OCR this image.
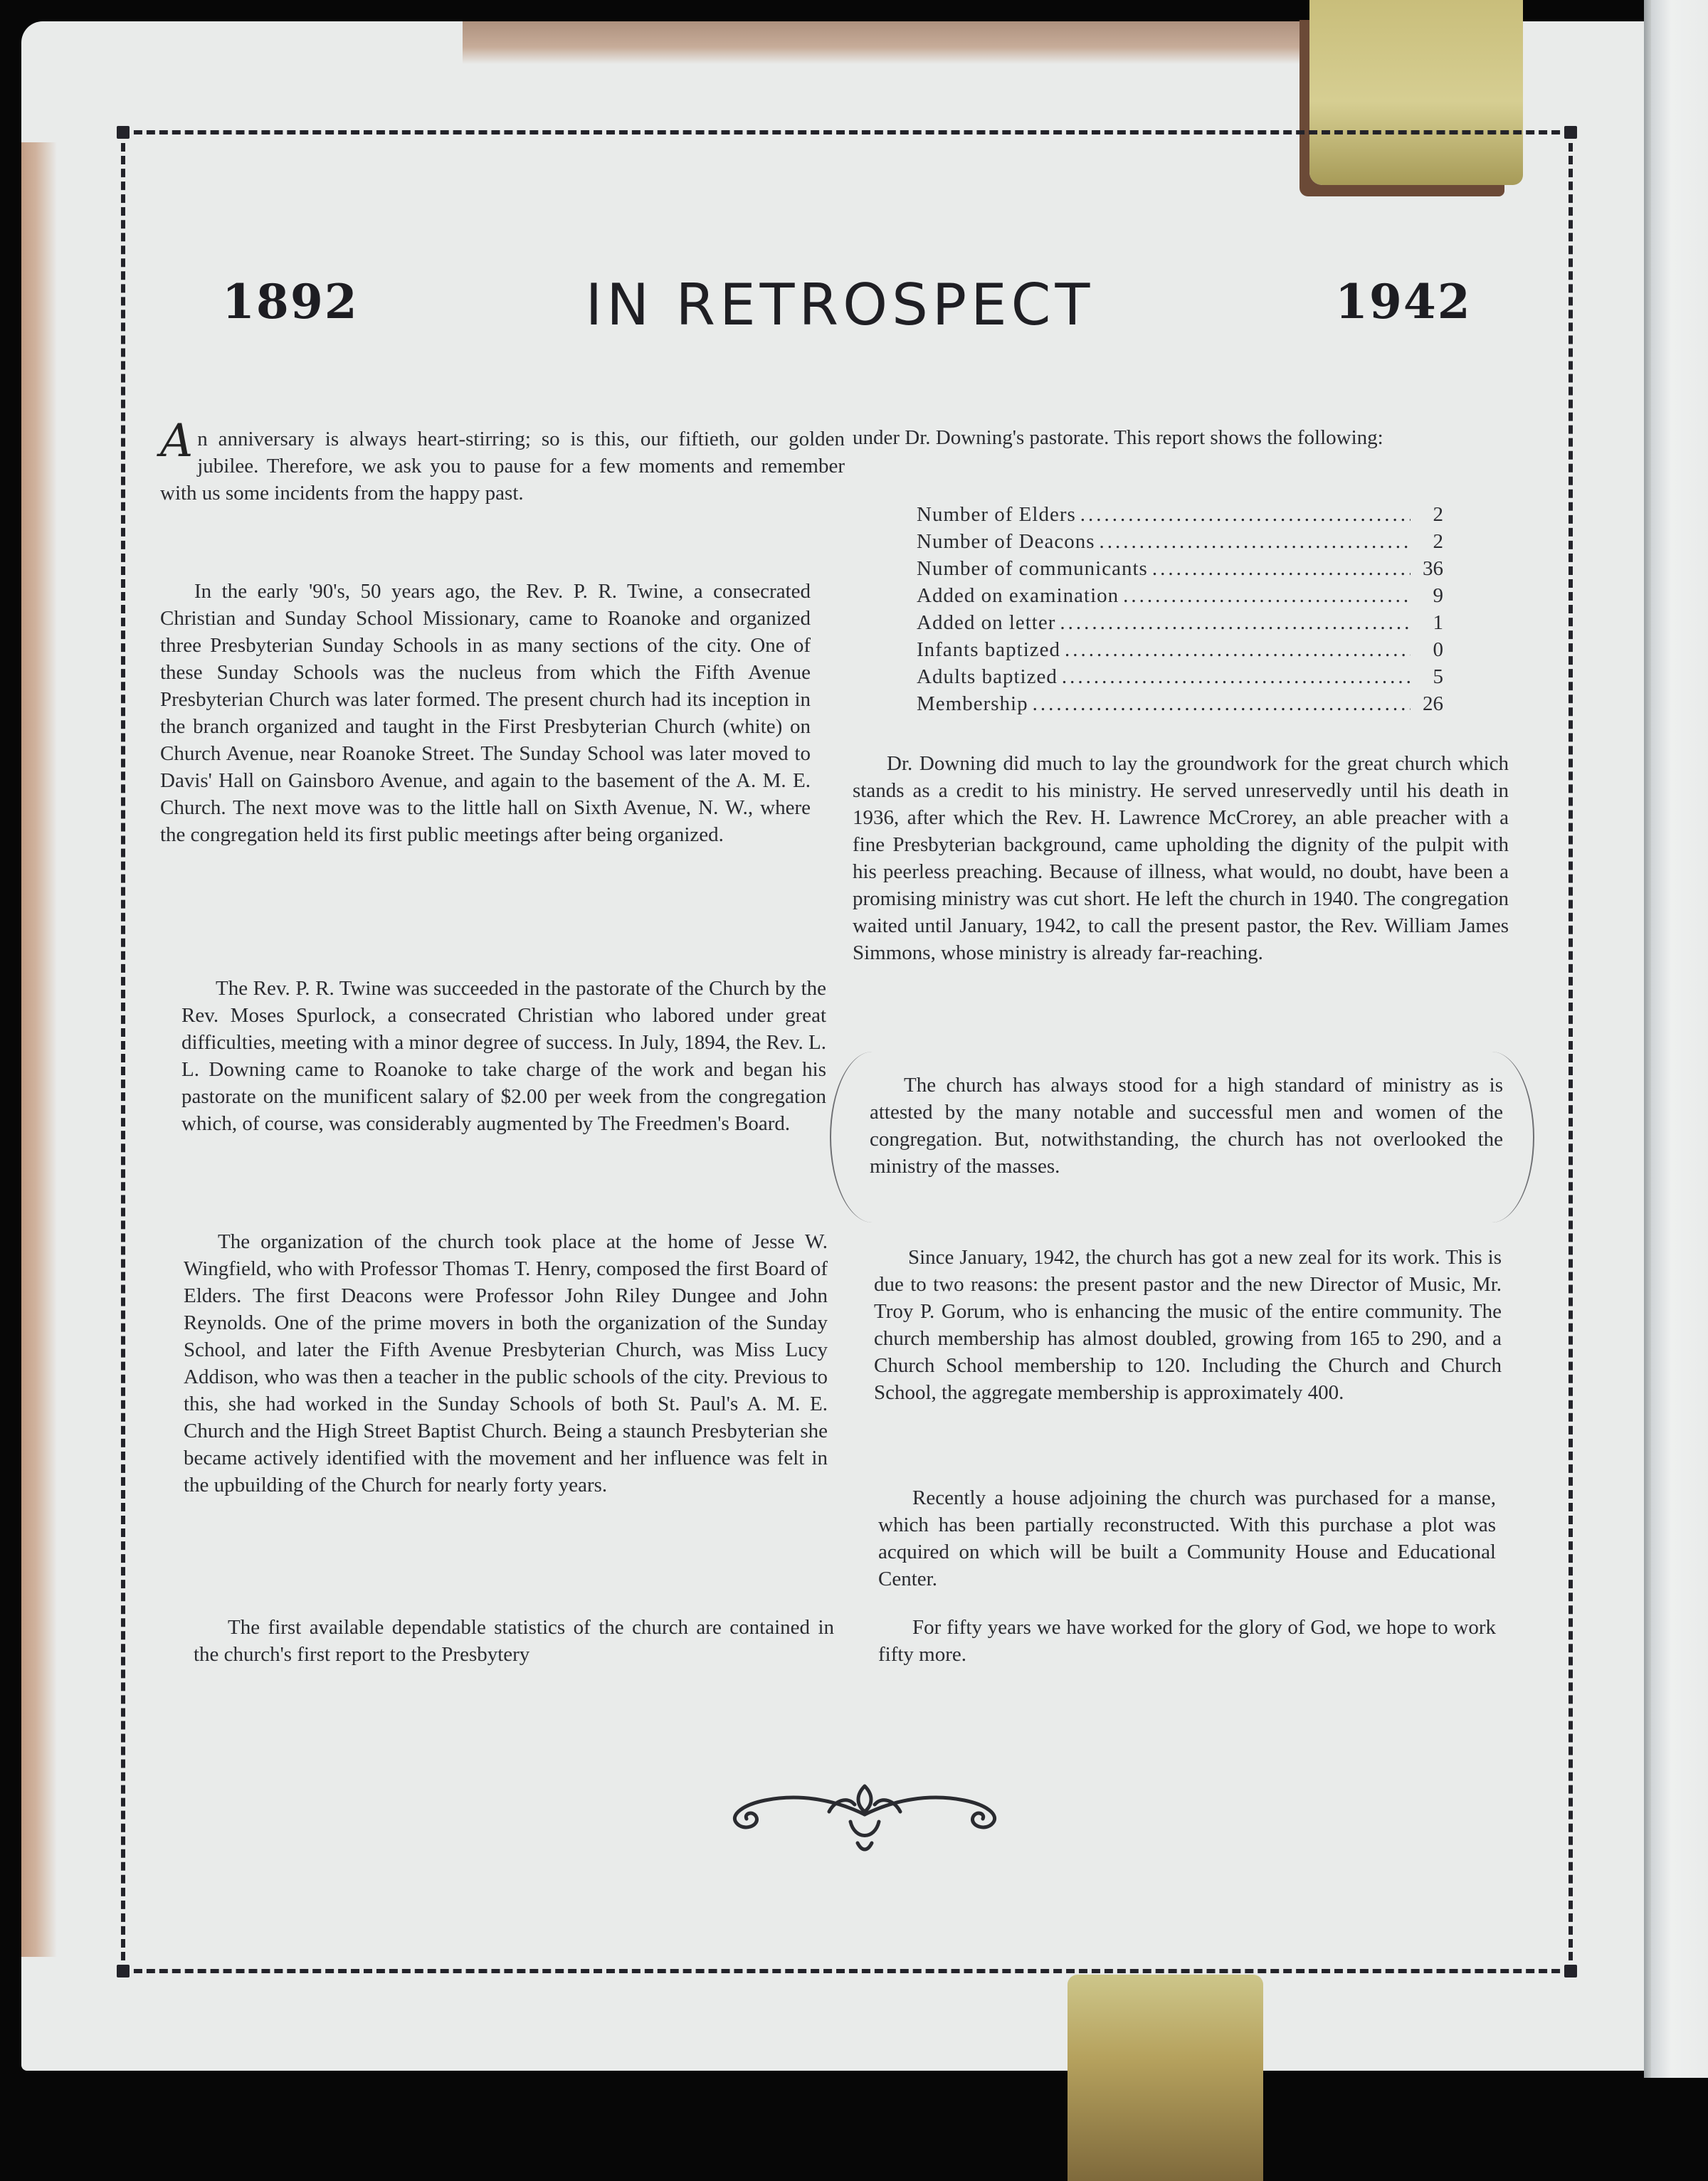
1892	IN RETROSPECT	1942

An anniversary is always heart-stirring; so is this, our fiftieth, our golden jubilee. Therefore, we ask you to pause for a few moments and remember with us some incidents from the happy past.

In the early '90's, 50 years ago, the Rev. P. R. Twine, a consecrated Christian and Sunday School Missionary, came to Roanoke and organized three Presbyterian Sunday Schools in as many sections of the city. One of these Sunday Schools was the nucleus from which the Fifth Avenue Presbyterian Church was later formed. The present church had its inception in the branch organized and taught in the First Presbyterian Church (white) on Church Avenue, near Roanoke Street. The Sunday School was later moved to Davis' Hall on Gainsboro Avenue, and again to the basement of the A. M. E. Church. The next move was to the little hall on Sixth Avenue, N. W., where the congregation held its first public meetings after being organized.

The Rev. P. R. Twine was succeeded in the pastorate of the Church by the Rev. Moses Spurlock, a consecrated Christian who labored under great difficulties, meeting with a minor degree of success. In July, 1894, the Rev. L. L. Downing came to Roanoke to take charge of the work and began his pastorate on the munificent salary of $2.00 per week from the congregation which, of course, was considerably augmented by The Freedmen's Board.

The organization of the church took place at the home of Jesse W. Wingfield, who with Professor Thomas T. Henry, composed the first Board of Elders. The first Deacons were Professor John Riley Dungee and John Reynolds. One of the prime movers in both the organization of the Sunday School, and later the Fifth Avenue Presbyterian Church, was Miss Lucy Addison, who was then a teacher in the public schools of the city. Previous to this, she had worked in the Sunday Schools of both St. Paul's A. M. E. Church and the High Street Baptist Church. Being a staunch Presbyterian she became actively identified with the movement and her influence was felt in the upbuilding of the Church for nearly forty years.

The first available dependable statistics of the church are contained in the church's first report to the Presbytery

under Dr. Downing's pastorate. This report shows the following:

Number of Elders .....	2
Number of Deacons .....	2
Number of communicants .....	36
Added on examination .....	9
Added on letter .....	1
Infants baptized .....	0
Adults baptized .....	5
Membership .....	26

Dr. Downing did much to lay the groundwork for the great church which stands as a credit to his ministry. He served unreservedly until his death in 1936, after which the Rev. H. Lawrence McCrorey, an able preacher with a fine Presbyterian background, came upholding the dignity of the pulpit with his peerless preaching. Because of illness, what would, no doubt, have been a promising ministry was cut short. He left the church in 1940. The congregation waited until January, 1942, to call the present pastor, the Rev. William James Simmons, whose ministry is already far-reaching.

The church has always stood for a high standard of ministry as is attested by the many notable and successful men and women of the congregation. But, notwithstanding, the church has not overlooked the ministry of the masses.

Since January, 1942, the church has got a new zeal for its work. This is due to two reasons: the present pastor and the new Director of Music, Mr. Troy P. Gorum, who is enhancing the music of the entire community. The church membership has almost doubled, growing from 165 to 290, and a Church School membership to 120. Including the Church and Church School, the aggregate membership is approximately 400.

Recently a house adjoining the church was purchased for a manse, which has been partially reconstructed. With this purchase a plot was acquired on which will be built a Community House and Educational Center.

For fifty years we have worked for the glory of God, we hope to work fifty more.
